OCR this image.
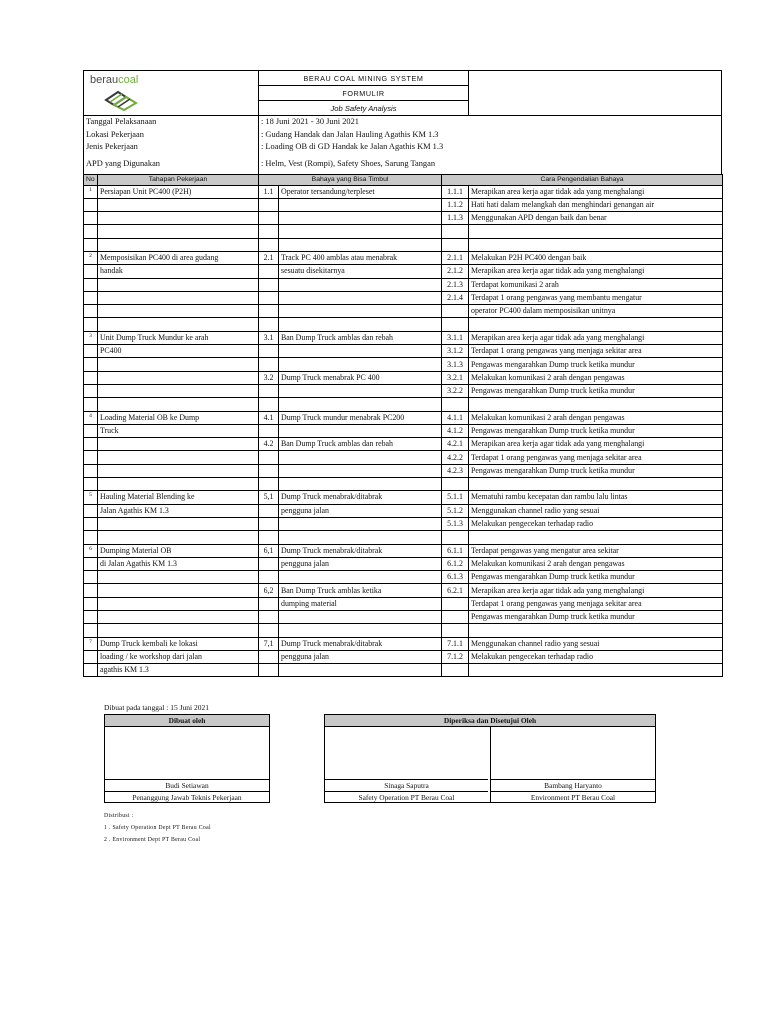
beraucoal	BERAU COAL MINING SYSTEM
FORMULIR
Job Safety Analysis
Tanggal Pelaksanaan	: 18 Juni 2021 - 30 Juni 2021
Lokasi Pekerjaan	: Gudang Handak dan Jalan Hauling Agathis KM 1.3
Jenis Pekerjaan	: Loading OB di GD Handak ke Jalan Agathis KM 1.3
APD yang Digunakan	: Helm, Vest (Rompi), Safety Shoes, Sarung Tangan
No	Tahapan Pekerjaan	Bahaya yang Bisa Timbul		Cara Pengendalian Bahaya	
1	Persiapan Unit PC400 (P2H)	1.1	Operator tersandung/terpleset	1.1.1	Merapikan area kerja agar tidak ada yang menghalangi
				1.1.2	Hati hati dalam melangkah dan menghindari genangan air
				1.1.3	Menggunakan APD dengan baik dan benar

2	Memposisikan PC400 di area gudang	2.1	Track PC 400 amblas atau menabrak	2.1.1	Melakukan P2H PC400 dengan baik
	handak		sesuatu disekitarnya	2.1.2	Merapikan area kerja agar tidak ada yang menghalangi
				2.1.3	Terdapat komunikasi 2 arah
				2.1.4	Terdapat 1 orang pengawas yang membantu mengatur
					operator PC400 dalam memposisikan unitnya

3	Unit Dump Truck Mundur ke arah	3.1	Ban Dump Truck amblas dan rebah	3.1.1	Merapikan area kerja agar tidak ada yang menghalangi
	PC400			3.1.2	Terdapat 1 orang pengawas yang menjaga sekitar area
				3.1.3	Pengawas mengarahkan Dump truck ketika mundur
		3.2	Dump Truck menabrak PC 400	3.2.1	Melakukan komunikasi 2 arah dengan pengawas
				3.2.2	Pengawas mengarahkan Dump truck ketika mundur

4	Loading Material OB ke Dump	4.1	Dump Truck mundur menabrak PC200	4.1.1	Melakukan komunikasi 2 arah dengan pengawas
	Truck			4.1.2	Pengawas mengarahkan Dump truck ketika mundur
		4.2	Ban Dump Truck amblas dan rebah	4.2.1	Merapikan area kerja agar tidak ada yang menghalangi
				4.2.2	Terdapat 1 orang pengawas yang menjaga sekitar area
				4.2.3	Pengawas mengarahkan Dump truck ketika mundur

5	Hauling Material Blending ke	5,1	Dump Truck menabrak/ditabrak	5.1.1	Mematuhi rambu kecepatan dan rambu lalu lintas
	Jalan Agathis KM 1.3		pengguna jalan	5.1.2	Menggunakan channel radio yang sesuai
				5.1.3	Melakukan pengecekan terhadap radio

6	Dumping Material OB	6,1	Dump Truck menabrak/ditabrak	6.1.1	Terdapat pengawas yang mengatur area sekitar
	di Jalan Agathis KM 1.3		pengguna jalan	6.1.2	Melakukan komunikasi 2 arah dengan pengawas
				6.1.3	Pengawas mengarahkan Dump truck ketika mundur
		6,2	Ban Dump Truck amblas ketika	6.2.1	Merapikan area kerja agar tidak ada yang menghalangi
			dumping material		Terdapat 1 orang pengawas yang menjaga sekitar area
					Pengawas mengarahkan Dump truck ketika mundur

7	Dump Truck kembali ke lokasi	7,1	Dump Truck menabrak/ditabrak	7.1.1	Menggunakan channel radio yang sesuai
	loading / ke workshop dari jalan		pengguna jalan	7.1.2	Melakukan pengecekan terhadap radio
	agathis KM 1.3				
Dibuat pada tanggal : 15 Juni 2021
Dibuat oleh
Budi Setiawan
Penanggung Jawab Teknis Pekerjaan
Diperiksa dan Disetujui Oleh
Sinaga Saputra
Safety Operation PT Berau Coal
Bambang Haryanto
Environment PT Berau Coal
Distribusi :
1 . Safety Operation Dept PT Berau Coal
2 . Environment Dept PT Berau Coal
